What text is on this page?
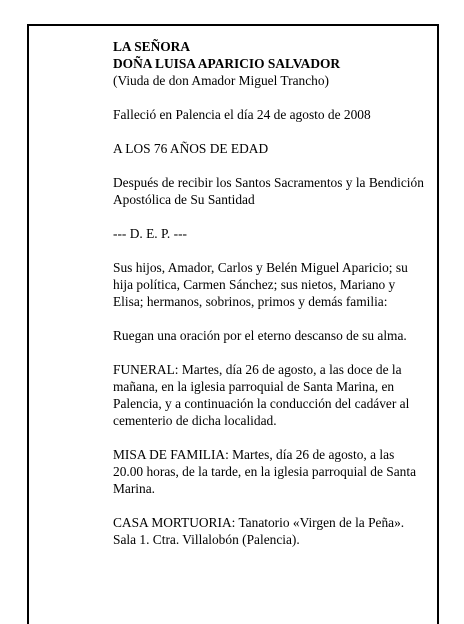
LA SEÑORA
DOÑA LUISA APARICIO SALVADOR
(Viuda de don Amador Miguel Trancho)

Falleció en Palencia el día 24 de agosto de 2008

A LOS 76 AÑOS DE EDAD

Después de recibir los Santos Sacramentos y la Bendición Apostólica de Su Santidad

--- D. E. P. ---

Sus hijos, Amador, Carlos y Belén Miguel Aparicio; su hija política, Carmen Sánchez; sus nietos, Mariano y Elisa; hermanos, sobrinos, primos y demás familia:

Ruegan una oración por el eterno descanso de su alma.

FUNERAL: Martes, día 26 de agosto, a las doce de la mañana, en la iglesia parroquial de Santa Marina, en Palencia, y a continuación la conducción del cadáver al cementerio de dicha localidad.

MISA DE FAMILIA: Martes, día 26 de agosto, a las 20.00 horas, de la tarde, en la iglesia parroquial de Santa Marina.

CASA MORTUORIA: Tanatorio «Virgen de la Peña». Sala 1. Ctra. Villalobón (Palencia).
